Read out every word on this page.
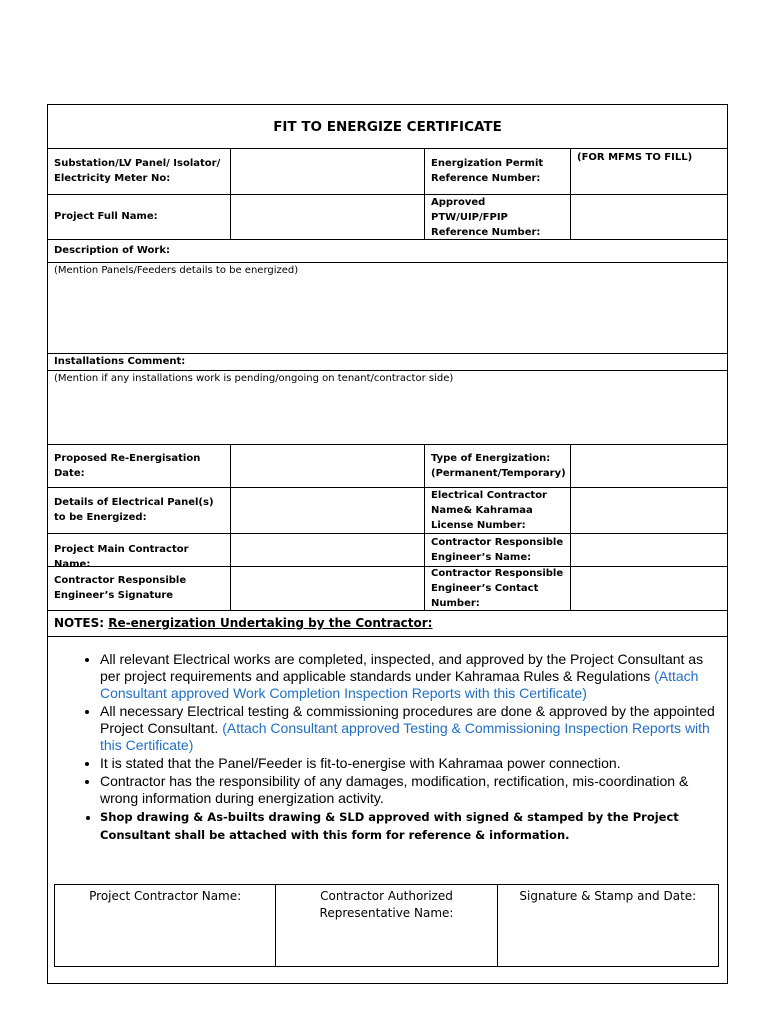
FIT TO ENERGIZE CERTIFICATE
Substation/LV Panel/ Isolator/ Electricity Meter No:
Energization Permit Reference Number:
(FOR MFMS TO FILL)
Project Full Name:
Approved PTW/UIP/FPIP Reference Number:
Description of Work:
(Mention Panels/Feeders details to be energized)
Installations Comment:
(Mention if any installations work is pending/ongoing on tenant/contractor side)
Proposed Re-Energisation Date:
Type of Energization: (Permanent/Temporary)
Details of Electrical Panel(s) to be Energized:
Electrical Contractor Name& Kahramaa License Number:
Project Main Contractor Name:
Contractor Responsible Engineer’s Name:
Contractor Responsible Engineer’s Signature
Contractor Responsible Engineer’s Contact Number:
NOTES: Re-energization Undertaking by the Contractor:
• All relevant Electrical works are completed, inspected, and approved by the Project Consultant as per project requirements and applicable standards under Kahramaa Rules & Regulations (Attach Consultant approved Work Completion Inspection Reports with this Certificate)
• All necessary Electrical testing & commissioning procedures are done & approved by the appointed Project Consultant. (Attach Consultant approved Testing & Commissioning Inspection Reports with this Certificate)
• It is stated that the Panel/Feeder is fit-to-energise with Kahramaa power connection.
• Contractor has the responsibility of any damages, modification, rectification, mis-coordination & wrong information during energization activity.
• Shop drawing & As-builts drawing & SLD approved with signed & stamped by the Project Consultant shall be attached with this form for reference & information.
Project Contractor Name:	Contractor Authorized Representative Name:
Signature & Stamp and Date:
